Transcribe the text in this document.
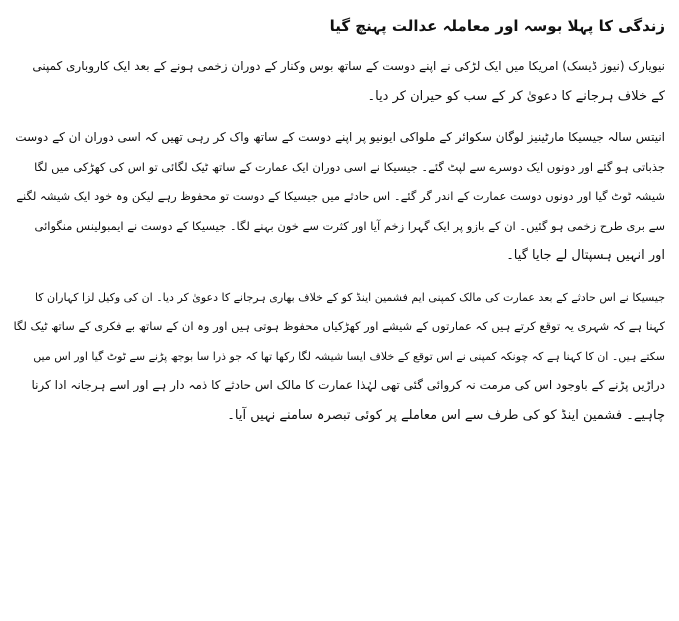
زندگی کا پہلا بوسہ اور معاملہ عدالت پہنچ گیا
نیویارک (نیوز ڈیسک) امریکا میں ایک لڑکی نے اپنے دوست کے ساتھ بوس وکنار کے دوران زخمی ہونے کے بعد ایک کاروباری کمپنی
کے خلاف ہرجانے کا دعویٰ کر کے سب کو حیران کر دیا۔
انیتس سالہ جیسیکا مارٹینیز لوگان سکوائر کے ملواکی ایونیو پر اپنے دوست کے ساتھ واک کر رہی تھیں کہ اسی دوران ان کے دوست
جذباتی ہو گئے اور دونوں ایک دوسرے سے لپٹ گئے۔ جیسیکا نے اسی دوران ایک عمارت کے ساتھ ٹیک لگائی تو اس کی کھڑکی میں لگا
شیشہ ٹوٹ گیا اور دونوں دوست عمارت کے اندر گر گئے۔ اس حادثے میں جیسیکا کے دوست تو محفوظ رہے لیکن وہ خود ایک شیشہ لگنے
سے بری طرح زخمی ہو گئیں۔ ان کے بازو پر ایک گہرا زخم آیا اور کثرت سے خون بہنے لگا۔ جیسیکا کے دوست نے ایمبولینس منگوائی
اور انہیں ہسپتال لے جایا گیا۔
جیسیکا نے اس حادثے کے بعد عمارت کی مالک کمپنی ایم فشمین اینڈ کو کے خلاف بھاری ہرجانے کا دعویٰ کر دیا۔ ان کی وکیل لزا کہاران کا
کہنا ہے کہ شہری یہ توقع کرتے ہیں کہ عمارتوں کے شیشے اور کھڑکیاں محفوظ ہوتی ہیں اور وہ ان کے ساتھ بے فکری کے ساتھ ٹیک لگا
سکتے ہیں۔ ان کا کہنا ہے کہ چونکہ کمپنی نے اس توقع کے خلاف ایسا شیشہ لگا رکھا تھا کہ جو ذرا سا بوجھ پڑنے سے ٹوٹ گیا اور اس میں
دراڑیں پڑنے کے باوجود اس کی مرمت نہ کروائی گئی تھی لہٰذا عمارت کا مالک اس حادثے کا ذمہ دار ہے اور اسے ہرجانہ ادا کرنا
چاہیے۔ فشمین اینڈ کو کی طرف سے اس معاملے پر کوئی تبصرہ سامنے نہیں آیا۔
